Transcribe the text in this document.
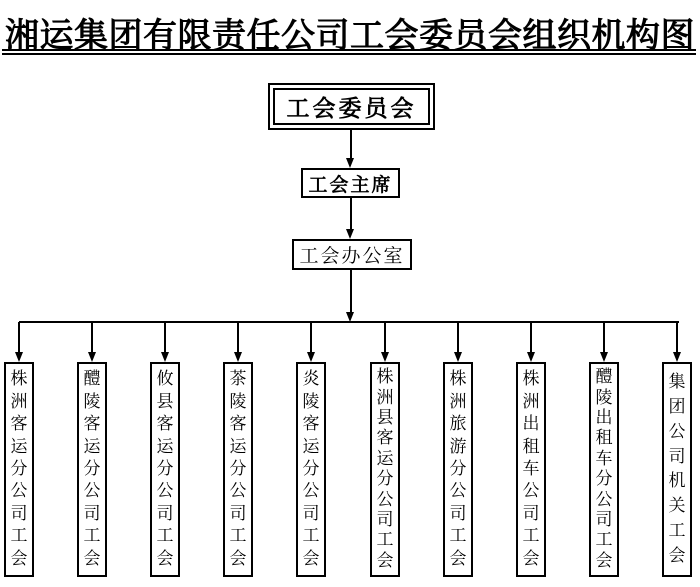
湘运集团有限责任公司工会委员会组织机构图
工会委员会
工会主席
工会办公室
株
洲
客
运
分
公
司
工
会
醴
陵
客
运
分
公
司
工
会
攸
县
客
运
分
公
司
工
会
茶
陵
客
运
分
公
司
工
会
炎
陵
客
运
分
公
司
工
会
株
洲
县
客
运
分
公
司
工
会
株
洲
旅
游
分
公
司
工
会
株
洲
出
租
车
公
司
工
会
醴
陵
出
租
车
分
公
司
工
会
集
团
公
司
机
关
工
会
